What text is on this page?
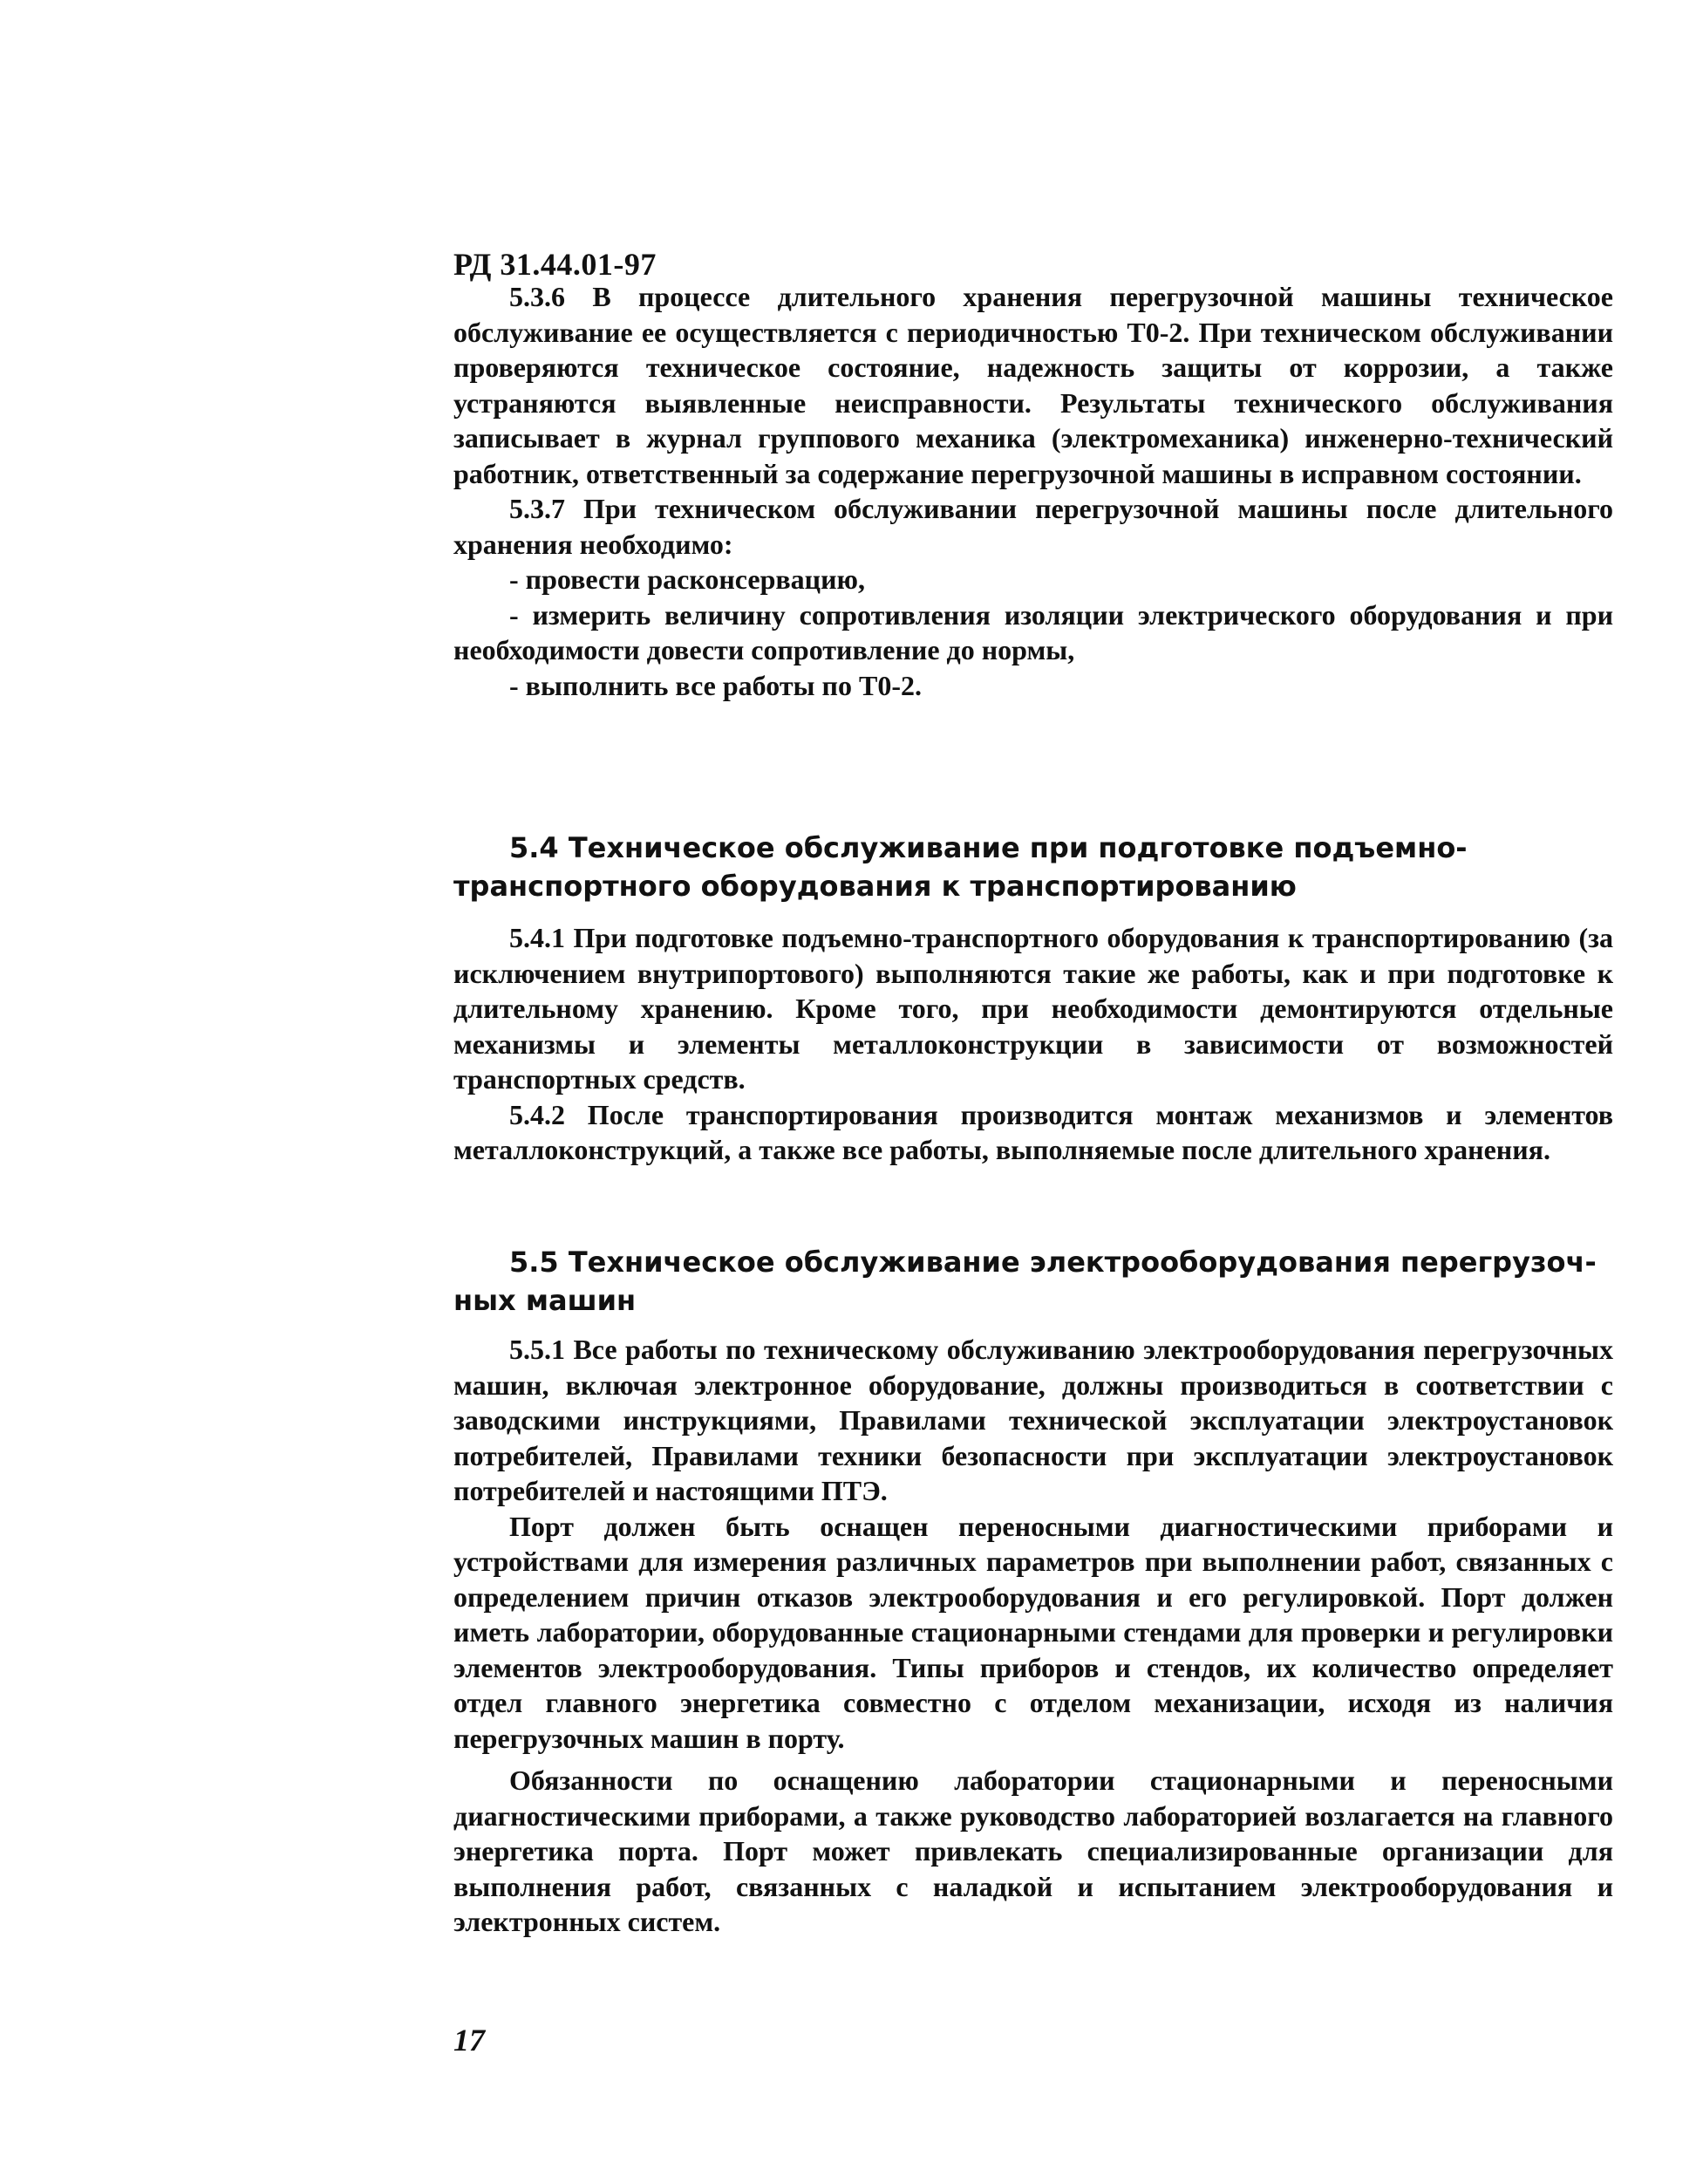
РД 31.44.01-97

5.3.6 В процессе длительного хранения перегрузочной машины техническое обслуживание ее осуществляется с периодичностью Т0-2. При техническом обслуживании проверяются техническое состояние, надежность защиты от коррозии, а также устраняются выявленные неисправности. Результаты технического обслуживания записывает в журнал группового механика (электромеханика) инженерно-технический работник, ответственный за содержание перегрузочной машины в исправном состоянии.

5.3.7 При техническом обслуживании перегрузочной машины после длительного хранения необходимо:

- провести расконсервацию,
- измерить величину сопротивления изоляции электрического оборудования и при необходимости довести сопротивление до нормы,
- выполнить все работы по Т0-2.
5.4 Техническое обслуживание при подготовке подъемно-
транспортного оборудования к транспортированию

5.4.1 При подготовке подъемно-транспортного оборудования к транспортированию (за исключением внутрипортового) выполняются такие же работы, как и при подготовке к длительному хранению. Кроме того, при необходимости демонтируются отдельные механизмы и элементы металлоконструкции в зависимости от возможностей транспортных средств.

5.4.2 После транспортирования производится монтаж механизмов и элементов металлоконструкций, а также все работы, выполняемые после длительного хранения.

5.5 Техническое обслуживание электрооборудования перегрузоч-
ных машин

5.5.1 Все работы по техническому обслуживанию электрооборудования перегрузочных машин, включая электронное оборудование, должны производиться в соответствии с заводскими инструкциями, Правилами технической эксплуатации электроустановок потребителей, Правилами техники безопасности при эксплуатации электроустановок потребителей и настоящими ПТЭ.

Порт должен быть оснащен переносными диагностическими приборами и устройствами для измерения различных параметров при выполнении работ, связанных с определением причин отказов электрооборудования и его регулировкой. Порт должен иметь лаборатории, оборудованные стационарными стендами для проверки и регулировки элементов электрооборудования. Типы приборов и стендов, их количество определяет отдел главного энергетика совместно с отделом механизации, исходя из наличия перегрузочных машин в порту.

Обязанности по оснащению лаборатории стационарными и переносными диагностическими приборами, а также руководство лабораторией возлагается на главного энергетика порта. Порт может привлекать специализированные организации для выполнения работ, связанных с наладкой и испытанием электрооборудования и электронных систем.

17
